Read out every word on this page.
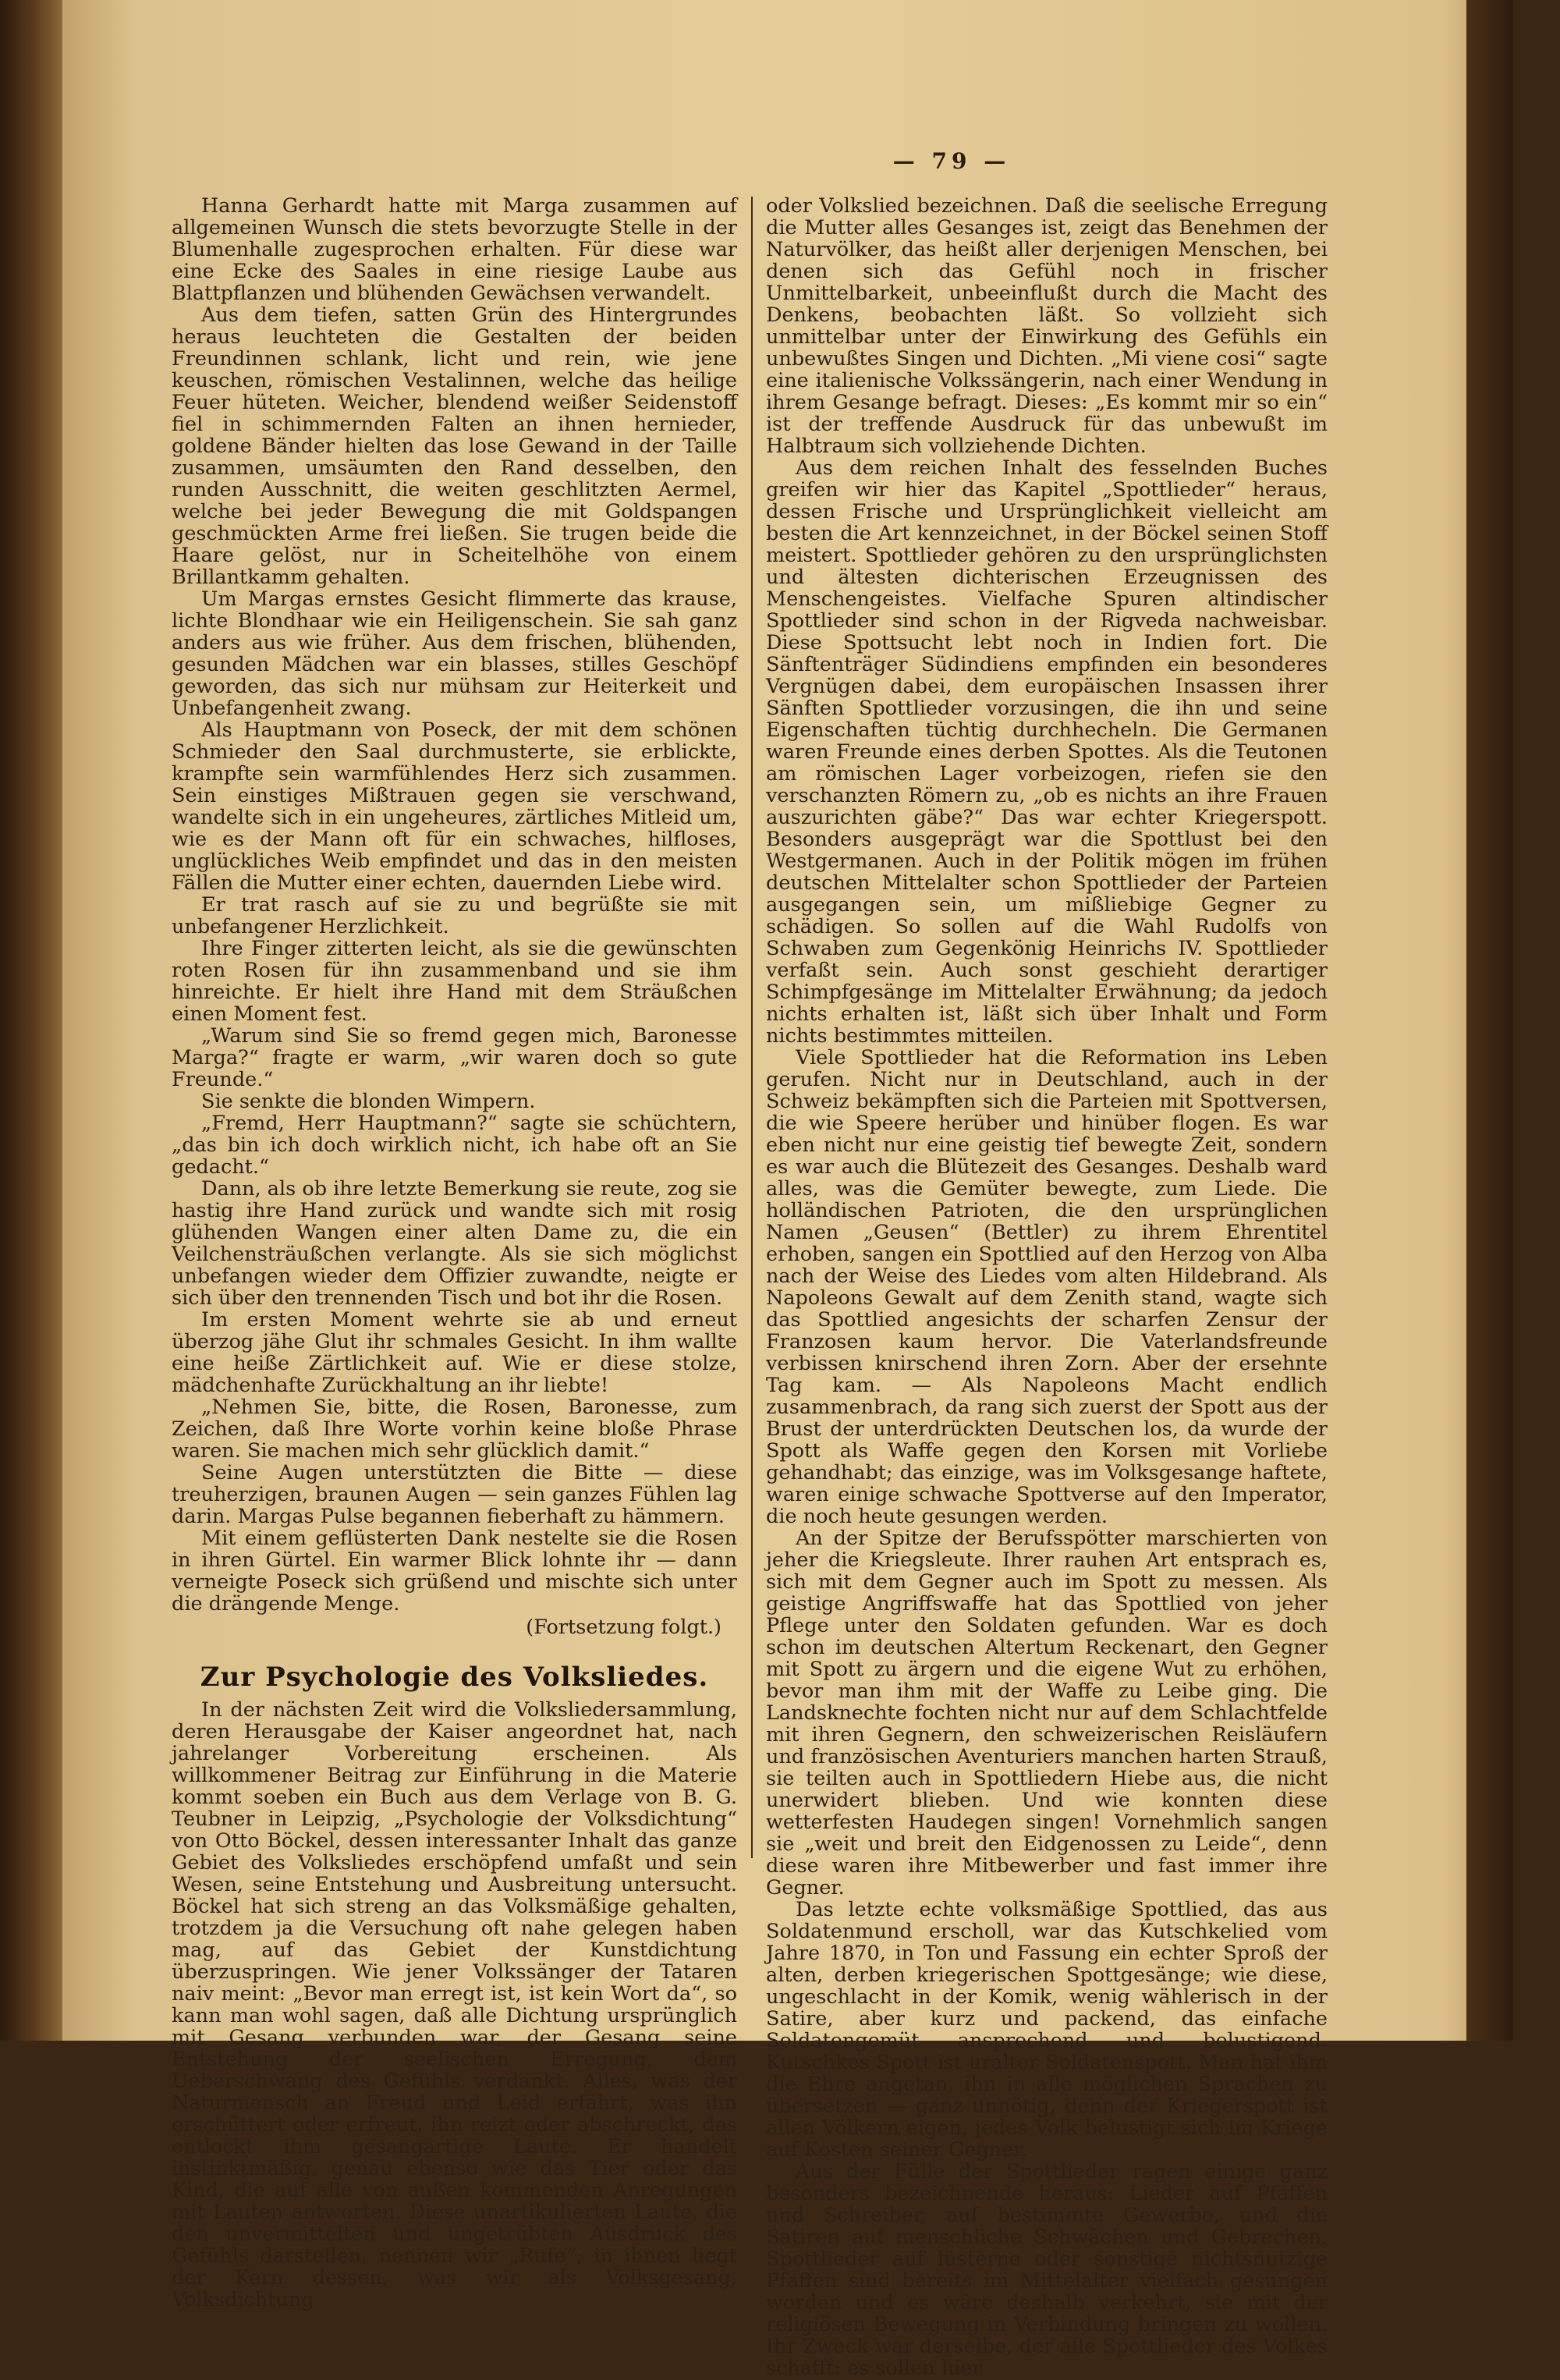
— 79 —

Hanna Gerhardt hatte mit Marga zusammen auf allgemeinen Wunsch die stets bevorzugte Stelle in der Blumenhalle zugesprochen erhalten. Für diese war eine Ecke des Saales in eine riesige Laube aus Blattpflanzen und blühenden Gewächsen verwandelt.

Aus dem tiefen, satten Grün des Hintergrundes heraus leuchteten die Gestalten der beiden Freundinnen schlank, licht und rein, wie jene keuschen, römischen Vestalinnen, welche das heilige Feuer hüteten. Weicher, blendend weißer Seidenstoff fiel in schimmernden Falten an ihnen hernieder, goldene Bänder hielten das lose Gewand in der Taille zusammen, umsäumten den Rand desselben, den runden Ausschnitt, die weiten geschlitzten Aermel, welche bei jeder Bewegung die mit Goldspangen geschmückten Arme frei ließen. Sie trugen beide die Haare gelöst, nur in Scheitelhöhe von einem Brillantkamm gehalten.

Um Margas ernstes Gesicht flimmerte das krause, lichte Blondhaar wie ein Heiligenschein. Sie sah ganz anders aus wie früher. Aus dem frischen, blühenden, gesunden Mädchen war ein blasses, stilles Geschöpf geworden, das sich nur mühsam zur Heiterkeit und Unbefangenheit zwang.

Als Hauptmann von Poseck, der mit dem schönen Schmieder den Saal durchmusterte, sie erblickte, krampfte sein warmfühlendes Herz sich zusammen. Sein einstiges Mißtrauen gegen sie verschwand, wandelte sich in ein ungeheures, zärtliches Mitleid um, wie es der Mann oft für ein schwaches, hilfloses, unglückliches Weib empfindet und das in den meisten Fällen die Mutter einer echten, dauernden Liebe wird.

Er trat rasch auf sie zu und begrüßte sie mit unbefangener Herzlichkeit.

Ihre Finger zitterten leicht, als sie die gewünschten roten Rosen für ihn zusammenband und sie ihm hinreichte. Er hielt ihre Hand mit dem Sträußchen einen Moment fest.

„Warum sind Sie so fremd gegen mich, Baronesse Marga?“ fragte er warm, „wir waren doch so gute Freunde.“

Sie senkte die blonden Wimpern.

„Fremd, Herr Hauptmann?“ sagte sie schüchtern, „das bin ich doch wirklich nicht, ich habe oft an Sie gedacht.“

Dann, als ob ihre letzte Bemerkung sie reute, zog sie hastig ihre Hand zurück und wandte sich mit rosig glühenden Wangen einer alten Dame zu, die ein Veilchensträußchen verlangte. Als sie sich möglichst unbefangen wieder dem Offizier zuwandte, neigte er sich über den trennenden Tisch und bot ihr die Rosen.

Im ersten Moment wehrte sie ab und erneut überzog jähe Glut ihr schmales Gesicht. In ihm wallte eine heiße Zärtlichkeit auf. Wie er diese stolze, mädchenhafte Zurückhaltung an ihr liebte!

„Nehmen Sie, bitte, die Rosen, Baronesse, zum Zeichen, daß Ihre Worte vorhin keine bloße Phrase waren. Sie machen mich sehr glücklich damit.“

Seine Augen unterstützten die Bitte — diese treuherzigen, braunen Augen — sein ganzes Fühlen lag darin. Margas Pulse begannen fieberhaft zu hämmern.

Mit einem geflüsterten Dank nestelte sie die Rosen in ihren Gürtel. Ein warmer Blick lohnte ihr — dann verneigte Poseck sich grüßend und mischte sich unter die drängende Menge.

(Fortsetzung folgt.)
Zur Psychologie des Volksliedes.

In der nächsten Zeit wird die Volksliedersammlung, deren Herausgabe der Kaiser angeordnet hat, nach jahrelanger Vorbereitung erscheinen. Als willkommener Beitrag zur Einführung in die Materie kommt soeben ein Buch aus dem Verlage von B. G. Teubner in Leipzig, „Psychologie der Volksdichtung“ von Otto Böckel, dessen interessanter Inhalt das ganze Gebiet des Volksliedes erschöpfend umfaßt und sein Wesen, seine Entstehung und Ausbreitung untersucht. Böckel hat sich streng an das Volksmäßige gehalten, trotzdem ja die Versuchung oft nahe gelegen haben mag, auf das Gebiet der Kunstdichtung überzuspringen. Wie jener Volkssänger der Tataren naiv meint: „Bevor man erregt ist, ist kein Wort da“, so kann man wohl sagen, daß alle Dichtung ursprünglich mit Gesang verbunden war, der Gesang seine Entstehung der seelischen Erregung, dem Ueberschwang des Gefühls verdankt. Alles, was der Naturmensch an Freud und Leid erfährt, was ihn erschüttert oder erfreut, ihn reizt oder abschreckt, das entlockt ihm gesangartige Laute. Er handelt instinktmäßig, genau ebenso wie das Tier oder das Kind, die auf alle von außen kommenden Anregungen mit Lauten antworten. Diese unartikulierten Laute, die den unvermittelten und ungetrübten Ausdruck des Gefühls darstellen, nennen wir „Rufe“; in ihnen liegt der Kern dessen, was wir als Volksgesang, Volksdichtung

oder Volkslied bezeichnen. Daß die seelische Erregung die Mutter alles Gesanges ist, zeigt das Benehmen der Naturvölker, das heißt aller derjenigen Menschen, bei denen sich das Gefühl noch in frischer Unmittelbarkeit, unbeeinflußt durch die Macht des Denkens, beobachten läßt. So vollzieht sich unmittelbar unter der Einwirkung des Gefühls ein unbewußtes Singen und Dichten. „Mi viene cosi“ sagte eine italienische Volkssängerin, nach einer Wendung in ihrem Gesange befragt. Dieses: „Es kommt mir so ein“ ist der treffende Ausdruck für das unbewußt im Halbtraum sich vollziehende Dichten.

Aus dem reichen Inhalt des fesselnden Buches greifen wir hier das Kapitel „Spottlieder“ heraus, dessen Frische und Ursprünglichkeit vielleicht am besten die Art kennzeichnet, in der Böckel seinen Stoff meistert. Spottlieder gehören zu den ursprünglichsten und ältesten dichterischen Erzeugnissen des Menschengeistes. Vielfache Spuren altindischer Spottlieder sind schon in der Rigveda nachweisbar. Diese Spottsucht lebt noch in Indien fort. Die Sänftenträger Südindiens empfinden ein besonderes Vergnügen dabei, dem europäischen Insassen ihrer Sänften Spottlieder vorzusingen, die ihn und seine Eigenschaften tüchtig durchhecheln. Die Germanen waren Freunde eines derben Spottes. Als die Teutonen am römischen Lager vorbeizogen, riefen sie den verschanzten Römern zu, „ob es nichts an ihre Frauen auszurichten gäbe?“ Das war echter Kriegerspott. Besonders ausgeprägt war die Spottlust bei den Westgermanen. Auch in der Politik mögen im frühen deutschen Mittelalter schon Spottlieder der Parteien ausgegangen sein, um mißliebige Gegner zu schädigen. So sollen auf die Wahl Rudolfs von Schwaben zum Gegenkönig Heinrichs IV. Spottlieder verfaßt sein. Auch sonst geschieht derartiger Schimpfgesänge im Mittelalter Erwähnung; da jedoch nichts erhalten ist, läßt sich über Inhalt und Form nichts bestimmtes mitteilen.

Viele Spottlieder hat die Reformation ins Leben gerufen. Nicht nur in Deutschland, auch in der Schweiz bekämpften sich die Parteien mit Spottversen, die wie Speere herüber und hinüber flogen. Es war eben nicht nur eine geistig tief bewegte Zeit, sondern es war auch die Blütezeit des Gesanges. Deshalb ward alles, was die Gemüter bewegte, zum Liede. Die holländischen Patrioten, die den ursprünglichen Namen „Geusen“ (Bettler) zu ihrem Ehrentitel erhoben, sangen ein Spottlied auf den Herzog von Alba nach der Weise des Liedes vom alten Hildebrand. Als Napoleons Gewalt auf dem Zenith stand, wagte sich das Spottlied angesichts der scharfen Zensur der Franzosen kaum hervor. Die Vaterlandsfreunde verbissen knirschend ihren Zorn. Aber der ersehnte Tag kam. — Als Napoleons Macht endlich zusammenbrach, da rang sich zuerst der Spott aus der Brust der unterdrückten Deutschen los, da wurde der Spott als Waffe gegen den Korsen mit Vorliebe gehandhabt; das einzige, was im Volksgesange haftete, waren einige schwache Spottverse auf den Imperator, die noch heute gesungen werden.

An der Spitze der Berufsspötter marschierten von jeher die Kriegsleute. Ihrer rauhen Art entsprach es, sich mit dem Gegner auch im Spott zu messen. Als geistige Angriffswaffe hat das Spottlied von jeher Pflege unter den Soldaten gefunden. War es doch schon im deutschen Altertum Reckenart, den Gegner mit Spott zu ärgern und die eigene Wut zu erhöhen, bevor man ihm mit der Waffe zu Leibe ging. Die Landsknechte fochten nicht nur auf dem Schlachtfelde mit ihren Gegnern, den schweizerischen Reisläufern und französischen Aventuriers manchen harten Strauß, sie teilten auch in Spottliedern Hiebe aus, die nicht unerwidert blieben. Und wie konnten diese wetterfesten Haudegen singen! Vornehmlich sangen sie „weit und breit den Eidgenossen zu Leide“, denn diese waren ihre Mitbewerber und fast immer ihre Gegner.

Das letzte echte volksmäßige Spottlied, das aus Soldatenmund erscholl, war das Kutschkelied vom Jahre 1870, in Ton und Fassung ein echter Sproß der alten, derben kriegerischen Spottgesänge; wie diese, ungeschlacht in der Komik, wenig wählerisch in der Satire, aber kurz und packend, das einfache Soldatengemüt ansprechend und belustigend. Kutschkes Spott ist uralter Soldatenspott. Man hat ihm die Ehre angetan, ihn in alle möglichen Sprachen zu übersetzen — ganz unnötig, denn der Kriegerspott ist allen Völkern eigen, jedes Volk belustigt sich im Kriege auf Kosten seiner Gegner.

Aus der Fülle der Spottlieder ragen einige ganz besonders bezeichnende heraus: Lieder auf Pfaffen und Schreiber, auf bestimmte Gewerbe, und die Satiren auf menschliche Schwächen und Gebrechen. Spottlieder auf lüsterne oder sonstige nichtsnutzige Pfaffen sind bereits im Mittelalter vielfach gesungen worden und es wäre deshalb verkehrt, sie mit der religiösen Bewegung in Verbindung bringen zu wollen. Ihr Zweck war derselbe, der alle Spottlieder des Volkes schafft: es sollen hier
